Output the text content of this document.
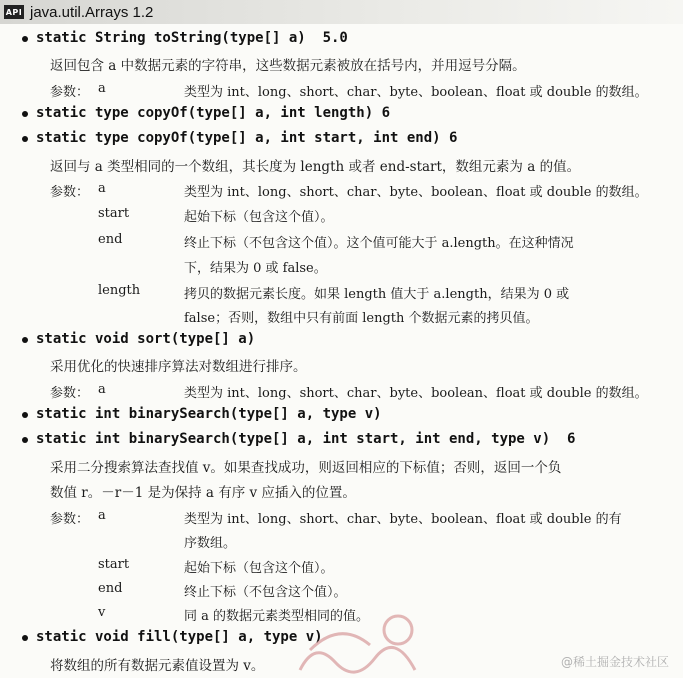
API java.util.Arrays 1.2
static String toString(type[] a) 5.0
返回包含 a 中数据元素的字符串，这些数据元素被放在括号内，并用逗号分隔。
参数： a	类型为 int、long、short、char、byte、boolean、float 或 double 的数组。
static type copyOf(type[] a, int length) 6
static type copyOf(type[] a, int start, int end) 6
返回与 a 类型相同的一个数组，其长度为 length 或者 end-start，数组元素为 a 的值。
参数： a	类型为 int、long、short、char、byte、boolean、float 或 double 的数组。
start	起始下标（包含这个值）。
end	终止下标（不包含这个值）。这个值可能大于 a.length。在这种情况
下，结果为 0 或 false。
length	拷贝的数据元素长度。如果 length 值大于 a.length，结果为 0 或
false；否则，数组中只有前面 length 个数据元素的拷贝值。
static void sort(type[] a)
采用优化的快速排序算法对数组进行排序。
参数： a	类型为 int、long、short、char、byte、boolean、float 或 double 的数组。
static int binarySearch(type[] a, type v)
static int binarySearch(type[] a, int start, int end, type v) 6
采用二分搜索算法查找值 v。如果查找成功，则返回相应的下标值；否则，返回一个负
数值 r。－r－1 是为保持 a 有序 v 应插入的位置。
参数： a	类型为 int、long、short、char、byte、boolean、float 或 double 的有
序数组。
start	起始下标（包含这个值）。
end	终止下标（不包含这个值）。
v	同 a 的数据元素类型相同的值。
static void fill(type[] a, type v)
将数组的所有数据元素值设置为 v。	@稀土掘金技术社区
